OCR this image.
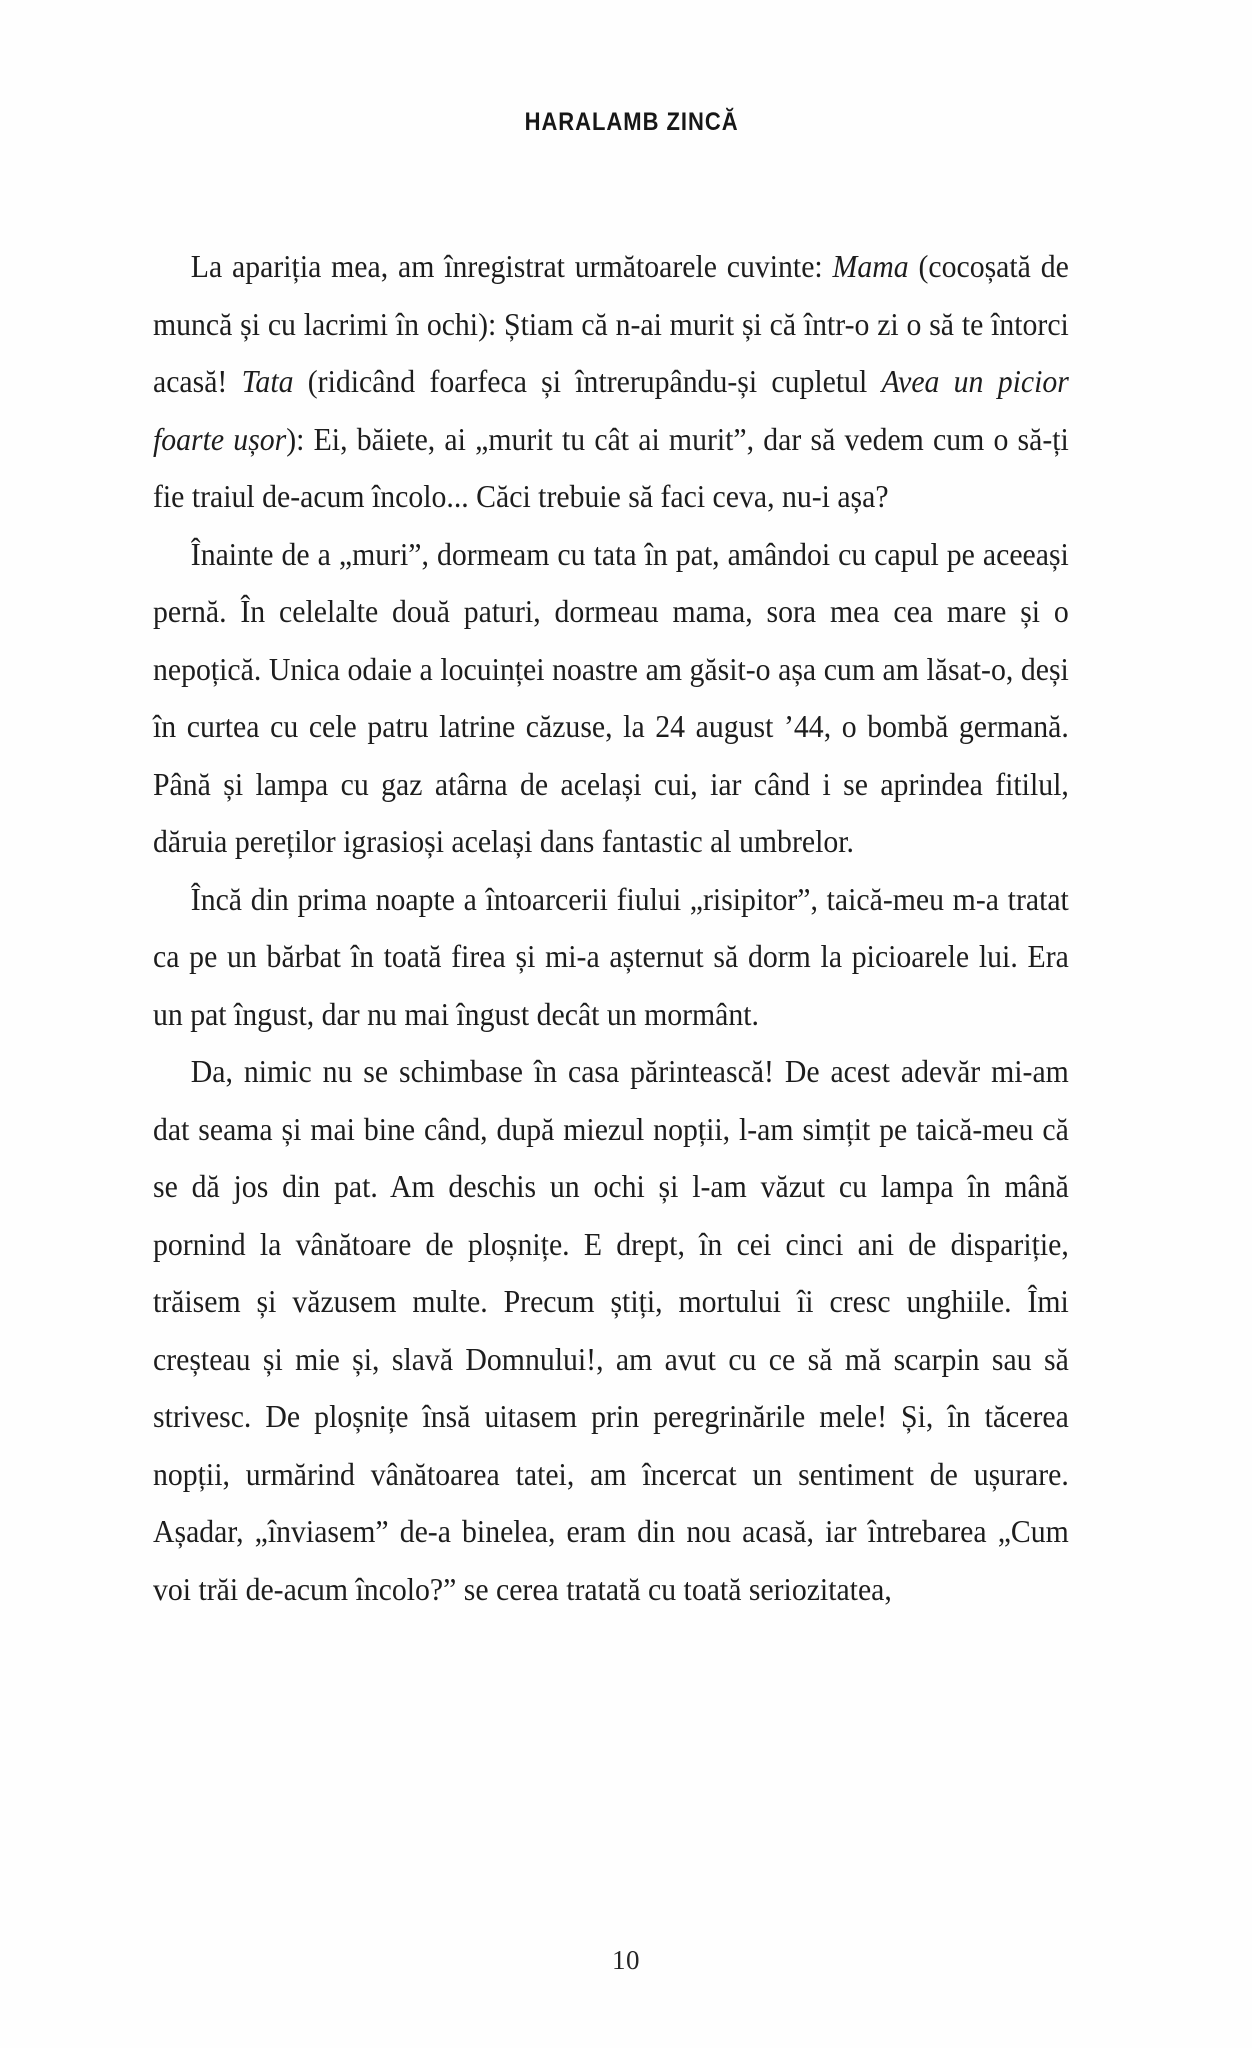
HARALAMB ZINCĂ

La apariția mea, am înregistrat următoarele cuvinte: Mama (cocoșată de muncă și cu lacrimi în ochi): Știam că n-ai murit și că într-o zi o să te întorci acasă! Tata (ridicând foarfeca și întrerupându-și cupletul Avea un picior foarte ușor): Ei, băiete, ai „murit tu cât ai murit”, dar să vedem cum o să-ți fie traiul de-acum încolo... Căci trebuie să faci ceva, nu-i așa?

Înainte de a „muri”, dormeam cu tata în pat, amândoi cu capul pe aceeași pernă. În celelalte două paturi, dormeau mama, sora mea cea mare și o nepoțică. Unica odaie a locuinței noastre am găsit-o așa cum am lăsat-o, deși în curtea cu cele patru latrine căzuse, la 24 august ’44, o bombă germană. Până și lampa cu gaz atârna de același cui, iar când i se aprindea fitilul, dăruia pereților igrasioși același dans fantastic al umbrelor.

Încă din prima noapte a întoarcerii fiului „risipitor”, taică-meu m-a tratat ca pe un bărbat în toată firea și mi-a așternut să dorm la picioarele lui. Era un pat îngust, dar nu mai îngust decât un mormânt.

Da, nimic nu se schimbase în casa părintească! De acest adevăr mi-am dat seama și mai bine când, după miezul nopții, l-am simțit pe taică-meu că se dă jos din pat. Am deschis un ochi și l-am văzut cu lampa în mână pornind la vânătoare de ploșnițe. E drept, în cei cinci ani de dispariție, trăisem și văzusem multe. Precum știți, mortului îi cresc unghiile. Îmi creșteau și mie și, slavă Domnului!, am avut cu ce să mă scarpin sau să strivesc. De ploșnițe însă uitasem prin peregrinările mele! Și, în tăcerea nopții, urmărind vânătoarea tatei, am încercat un sentiment de ușurare. Așadar, „înviasem” de-a binelea, eram din nou acasă, iar întrebarea „Cum voi trăi de-acum încolo?” se cerea tratată cu toată seriozitatea,

10
